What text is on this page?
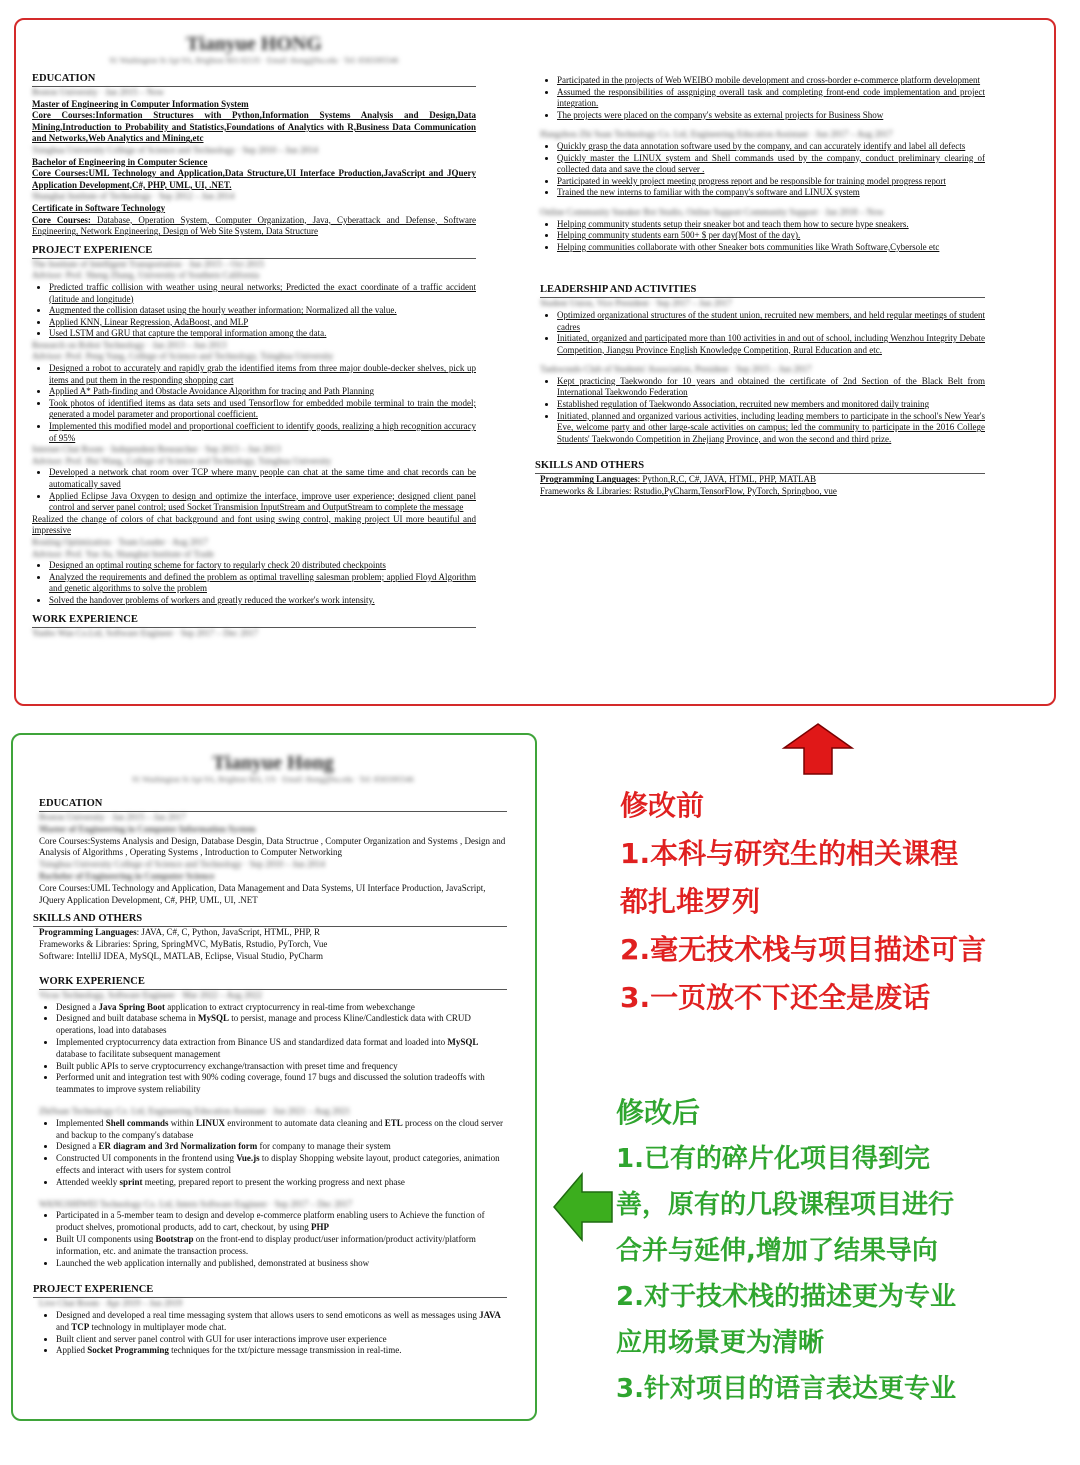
Tianyue HONG
91 Washington St Apt 9A, Brighton MA 02135 · Email: thong@bu.edu · Tel: 8583395546
EDUCATION

Boston University · Jan 2015 – Now

Master of Engineering in Computer Information System

Core Courses:Information Structures with Python,Information Systems Analysis and Design,Data Mining,Introduction to Probability and Statistics,Foundations of Analytics with R,Business Data Communication and Networks,Web Analytics and Mining,etc

Tsinghua University College of Science and Technology · Sep 2010 – Jun 2014

Bachelor of Engineering in Computer Science

Core Courses:UML Technology and Application,Data Structure,UI Interface Production,JavaScript and JQuery Application Development,C#, PHP, UML, UI, .NET.

Shanghai Institute of Technology · Sep 2012 – Jun 2014

Certificate in Software Technology

Core Courses: Database, Operation System, Computer Organization, Java, Cyberattack and Defense, Software Engineering, Network Engineering, Design of Web Site System, Data Structure

PROJECT EXPERIENCE

The Institute of Intelligent Transportation · Jun 2015 – Oct 2015

Advisor: Prof. Sheng Zhang, University of Southern California

• Predicted traffic collision with weather using neural networks; Predicted the exact coordinate of a traffic accident (latitude and longitude)
• Augmented the collision dataset using the hourly weather information; Normalized all the value.
• Applied KNN, Linear Regression, AdaBoost, and MLP
• Used LSTM and GRU that capture the temporal information among the data.

Research on Robot Technology · Jan 2013 – Jun 2013

Advisor: Prof. Peng Yang, College of Science and Technology, Tsinghua University

• Designed a robot to accurately and rapidly grab the identified items from three major double-decker shelves, pick up items and put them in the responding shopping cart
• Applied A* Path-finding and Obstacle Avoidance Algorithm for tracing and Path Planning
• Took photos of identified items as data sets and used Tensorflow for embedded mobile terminal to train the model; generated a model parameter and proportional coefficient.
• Implemented this modified model and proportional coefficient to identify goods, realizing a high recognition accuracy of 95%

Internet Chat Room · Independent Researcher · Sep 2013 – Jun 2013

Advisor: Prof. Hui Wang, College of Science and Technology, Tsinghua University

• Developed a network chat room over TCP where many people can chat at the same time and chat records can be automatically saved
• Applied Eclipse Java Oxygen to design and optimize the interface, improve user experience; designed client panel control and server panel control; used Socket Transmision InputStream and OutputStream to complete the message

Realized the change of colors of chat background and font using swing control, making project UI more beautiful and impressive

Routing Optimization · Team Leader · Aug 2017

Advisor: Prof. Yue Jia, Shanghai Institute of Trade

• Designed an optimal routing scheme for factory to regularly check 20 distributed checkpoints
• Analyzed the requirements and defined the problem as optimal travelling salesman problem; applied Floyd Algorithm and genetic algorithms to solve the problem
• Solved the handover problems of workers and greatly reduced the worker's work intensity.
WORK EXPERIENCE

Yunbo Wan Co.Ltd, Software Engineer · Sep 2017 – Dec 2017

• Participated in the projects of Web WEIBO mobile development and cross-border e-commerce platform development
• Assumed the responsibilities of assgniging overall task and completing front-end code implementation and project integration.
• The projects were placed on the company's website as external projects for Business Show

Hangzhou Zhi Suan Technology Co. Ltd, Engineering Education Assistant · Jun 2017 – Aug 2017

• Quickly grasp the data annotation software used by the company, and can accurately identify and label all defects
• Quickly master the LINUX system and Shell commands used by the company, conduct preliminary clearing of collected data and save the cloud server .
• Participated in weekly project meeting progress report and be responsible for training model progress report
• Trained the new interns to familiar with the company's software and LINUX system

Online Community Sneaker Bot Studio, Online Support Community Support · Jan 2018 – Now

• Helping community students setup their sneaker bot and teach them how to secure hype sneakers.
• Helping community students earn 500+ $ per day(Most of the day).
• Helping communities collaborate with other Sneaker bots communities like Wrath Software,Cybersole etc
LEADERSHIP AND ACTIVITIES

Student Union, Vice President · Sep 2017 – Jun 2017

• Optimized organizational structures of the student union, recruited new members, and held regular meetings of student cadres
• Initiated, organized and participated more than 100 activities in and out of school, including Wenzhou Integrity Debate Competition, Jiangsu Province English Knowledge Competition, Rural Education and etc.

Taekwondo Club of Students' Association, President · Sep 2015 – Jun 2017

• Kept practicing Taekwondo for 10 years and obtained the certificate of 2nd Section of the Black Belt from International Taekwondo Federation
• Established regulation of Taekwondo Association, recruited new members and monitored daily training
• Initiated, planned and organized various activities, including leading members to participate in the school's New Year's Eve, welcome party and other large-scale activities on campus; led the community to participate in the 2016 College Students' Taekwondo Competition in Zhejiang Province, and won the second and third prize.
SKILLS AND OTHERS

Programming Languages: Python,R,C, C#, JAVA, HTML, PHP, MATLAB

Frameworks & Libraries: Rstudio,PyCharm,TensorFlow, PyTorch, Springboo, vue

Tianyue Hong
91 Washington St Apt 9A, Brighton MA, US · Email: thong@bu.edu · Tel: 8583395546
EDUCATION

Boston University · Jan 2015 – Jan 2017

Master of Engineering in Computer Information System

Core Courses:Systems Analysis and Design, Database Desgin, Data Structrue , Computer Organization and Systems , Design and Analysis of Algorithms , Operating Systems , Introduction to Computer Networking

Tsinghua University College of Science and Technology · Sep 2010 – Jun 2014

Bachelor of Engineering in Computer Science

Core Courses:UML Technology and Application, Data Management and Data Systems, UI Interface Production, JavaScript, JQuery Application Development, C#, PHP, UML, UI, .NET

SKILLS AND OTHERS

Programming Languages: JAVA, C#, C, Python, JavaScript, HTML, PHP, R

Frameworks & Libraries: Spring, SpringMVC, MyBatis, Rstudio, PyTorch, Vue

Software: IntelliJ IDEA, MySQL, MATLAB, Eclipse, Visual Studio, PyCharm

WORK EXPERIENCE

Vicus Technology, Software Engineer · Mar 2022 – Aug 2022

• Designed a Java Spring Boot application to extract cryptocurrency in real-time from webexchange
• Designed and built database schema in MySQL to persist, manage and process Kline/Candlestick data with CRUD operations, load into databases
• Implemented cryptocurrency data extraction from Binance US and standardized data format and loaded into MySQL database to facilitate subsequent management
• Built public APIs to serve cryptocurrency exchange/transaction with preset time and frequency
• Performed unit and integration test with 90% coding coverage, found 17 bugs and discussed the solution tradeoffs with teammates to improve system reliability

ZhiSuan Technology Co. Ltd, Engineering Education Assistant · Jun 2021 – Aug 2021

• Implemented Shell commands within LINUX environment to automate data cleaning and ETL process on the cloud server and backup to the company's database
• Designed a ER diagram and 3rd Normalization form for company to manage their system
• Constructed UI components in the frontend using Vue.js to display Shopping website layout, product categories, animation effects and interact with users for system control
• Attended weekly sprint meeting, prepared report to present the working progress and next phase

WANGSHIWEI Technology Co. Ltd, Intern Software Engineer · Sep 2017 – Dec 2017

• Participated in a 5-member team to design and develop e-commerce platform enabling users to Achieve the function of product shelves, promotional products, add to cart, checkout, by using PHP
• Built UI components using Bootstrap on the front-end to display product/user information/product activity/platform information, etc. and animate the transaction process.
• Launched the web application internally and published, demonstrated at business show
PROJECT EXPERIENCE

Live Chat Room · Apr 2019 – Jun 2019

• Designed and developed a real time messaging system that allows users to send emoticons as well as messages using JAVA and TCP technology in multiplayer mode chat.
• Built client and server panel control with GUI for user interactions improve user experience
• Applied Socket Programming techniques for the txt/picture message transmission in real-time.
修改前
1.本科与研究生的相关课程
都扎堆罗列
2.毫无技术栈与项目描述可言
3.一页放不下还全是废话
修改后
1.已有的碎片化项目得到完
善，原有的几段课程项目进行
合并与延伸,增加了结果导向
2.对于技术栈的描述更为专业
应用场景更为清晰
3.针对项目的语言表达更专业
